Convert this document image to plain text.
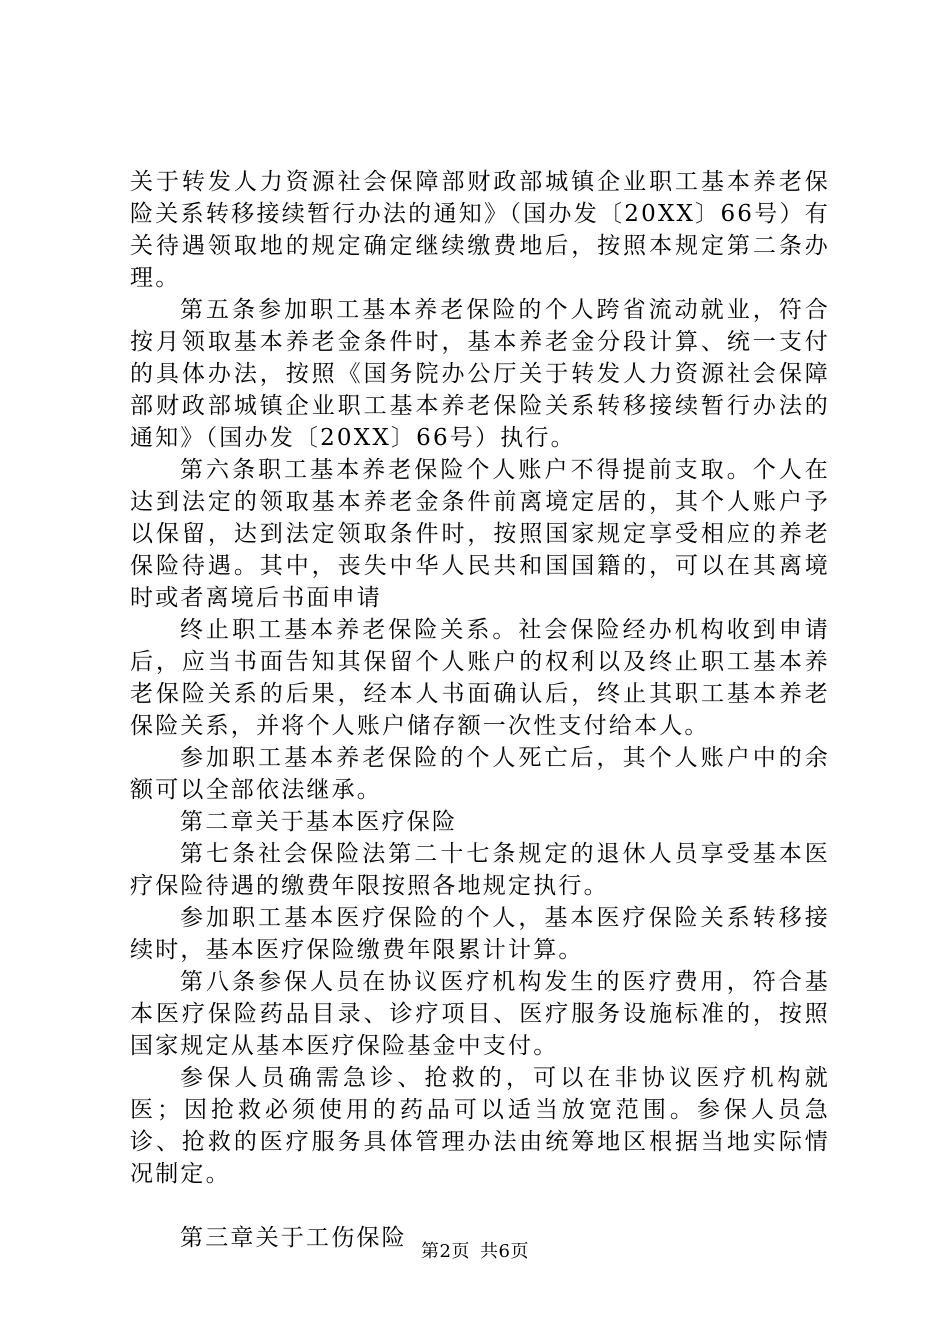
关于转发人力资源社会保障部财政部城镇企业职工基本养老保险关系转移接续暂行办法的通知》（国办发〔20XX〕66号）有关待遇领取地的规定确定继续缴费地后，按照本规定第二条办理。

第五条参加职工基本养老保险的个人跨省流动就业，符合按月领取基本养老金条件时，基本养老金分段计算、统一支付的具体办法，按照《国务院办公厅关于转发人力资源社会保障部财政部城镇企业职工基本养老保险关系转移接续暂行办法的通知》（国办发〔20XX〕66号）执行。

第六条职工基本养老保险个人账户不得提前支取。个人在达到法定的领取基本养老金条件前离境定居的，其个人账户予以保留，达到法定领取条件时，按照国家规定享受相应的养老保险待遇。其中，丧失中华人民共和国国籍的，可以在其离境时或者离境后书面申请

终止职工基本养老保险关系。社会保险经办机构收到申请后，应当书面告知其保留个人账户的权利以及终止职工基本养老保险关系的后果，经本人书面确认后，终止其职工基本养老保险关系，并将个人账户储存额一次性支付给本人。

参加职工基本养老保险的个人死亡后，其个人账户中的余额可以全部依法继承。

第二章关于基本医疗保险

第七条社会保险法第二十七条规定的退休人员享受基本医疗保险待遇的缴费年限按照各地规定执行。

参加职工基本医疗保险的个人，基本医疗保险关系转移接续时，基本医疗保险缴费年限累计计算。

第八条参保人员在协议医疗机构发生的医疗费用，符合基本医疗保险药品目录、诊疗项目、医疗服务设施标准的，按照国家规定从基本医疗保险基金中支付。

参保人员确需急诊、抢救的，可以在非协议医疗机构就医；因抢救必须使用的药品可以适当放宽范围。参保人员急诊、抢救的医疗服务具体管理办法由统筹地区根据当地实际情况制定。

第三章关于工伤保险

第2页 共6页
